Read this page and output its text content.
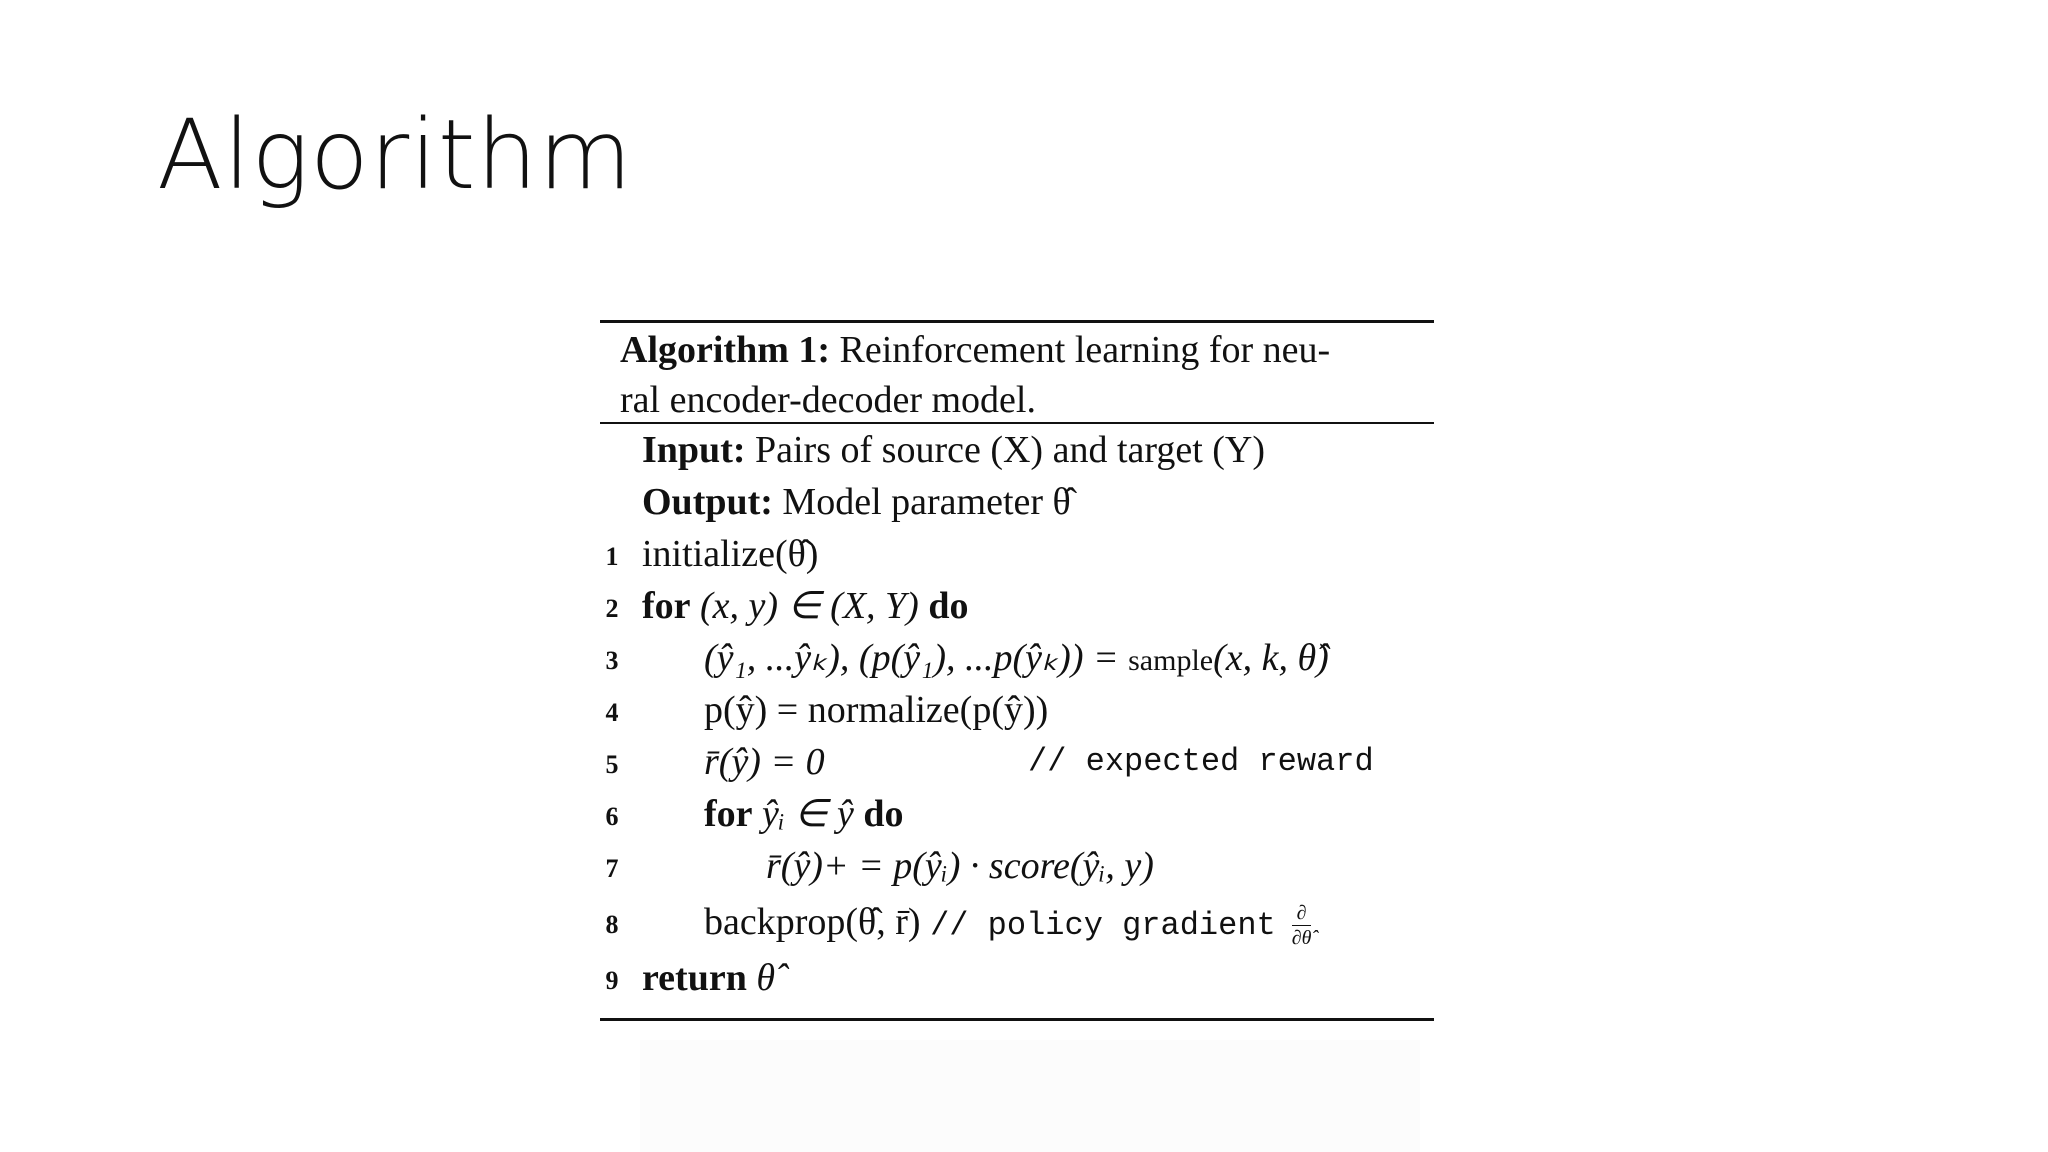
Algorithm
Algorithm 1: Reinforcement learning for neu-
ral encoder-decoder model.
Input: Pairs of source (X) and target (Y)
Output: Model parameter θ̂
1 initialize(θ̂)
2 for (x, y) ∈ (X, Y) do
3 (ŷ₁, ...ŷₖ), (p(ŷ₁), ...p(ŷₖ)) = sample(x, k, θ̂)
4 p(ŷ) = normalize(p(ŷ))
5 r̄(ŷ) = 0	// expected reward
6 for ŷᵢ ∈ ŷ do
7	r̄(ŷ)+ = p(ŷᵢ) · score(ŷᵢ, y)
8 backprop(θ̂, r̄) // policy gradient $\frac{\partial}{\partial\thetâ}$
9 return θ̂
